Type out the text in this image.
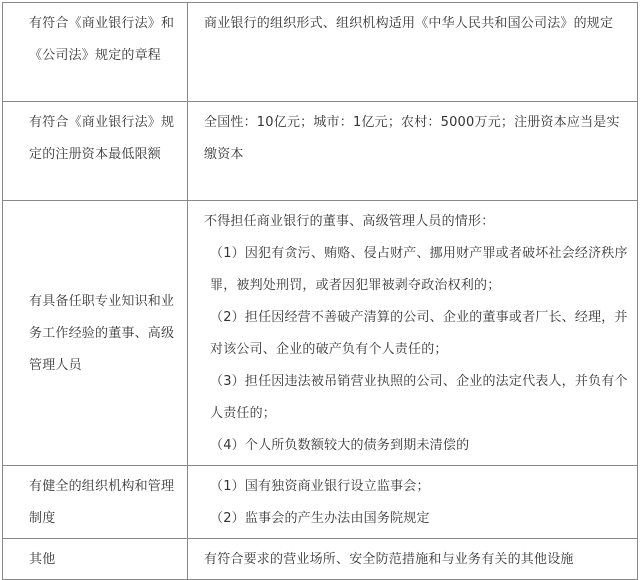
有符合《商业银行法》和《公司法》规定的章程	商业银行的组织形式、组织机构适用《中华人民共和国公司法》的规定

有符合《商业银行法》规定的注册资本最低限额	全国性：10亿元；城市：1亿元；农村：5000万元；注册资本应当是实缴资本

有具备任职专业知识和业务工作经验的董事、高级管理人员	不得担任商业银行的董事、高级管理人员的情形：
（1）因犯有贪污、贿赂、侵占财产、挪用财产罪或者破坏社会经济秩序罪，被判处刑罚，或者因犯罪被剥夺政治权利的；
（2）担任因经营不善破产清算的公司、企业的董事或者厂长、经理，并对该公司、企业的破产负有个人责任的；
（3）担任因违法被吊销营业执照的公司、企业的法定代表人，并负有个人责任的；
（4）个人所负数额较大的债务到期未清偿的

有健全的组织机构和管理制度	（1）国有独资商业银行设立监事会；
（2）监事会的产生办法由国务院规定

其他	有符合要求的营业场所、安全防范措施和与业务有关的其他设施
